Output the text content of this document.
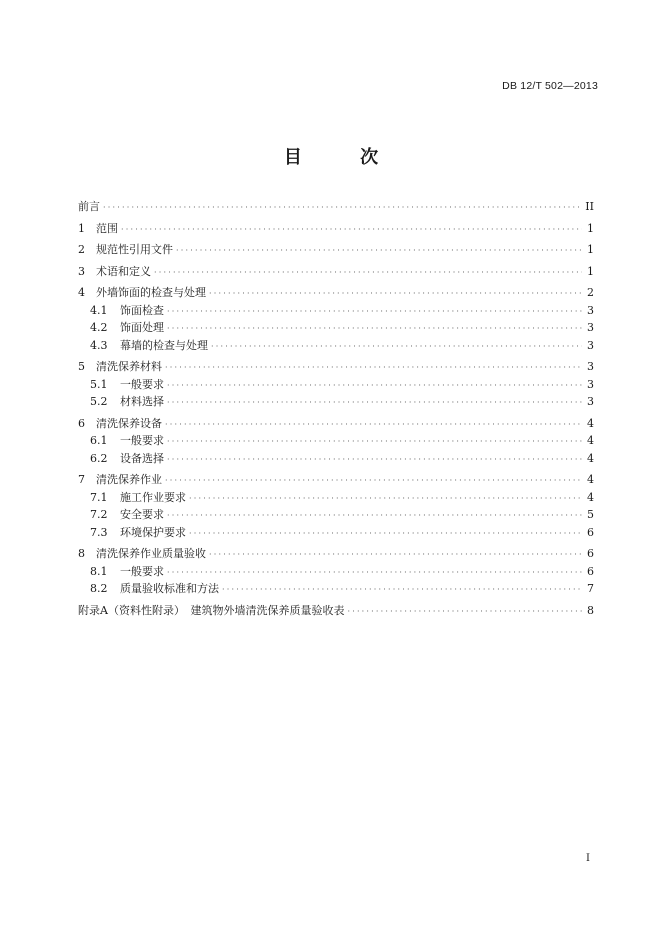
DB 12/T 502—2013
目 次
前言 ·····	II
1	范围 ·····	1
2	规范性引用文件 ·····	1
3	术语和定义 ·····	1
4	外墙饰面的检查与处理 ·····	2
4.1	饰面检查 ·····	3
4.2	饰面处理 ·····	3
4.3	幕墙的检查与处理 ·····	3
5	清洗保养材料 ·····	3
5.1	一般要求 ·····	3
5.2	材料选择 ·····	3
6	清洗保养设备 ·····	4
6.1	一般要求 ·····	4
6.2	设备选择 ·····	4
7	清洗保养作业 ·····	4
7.1	施工作业要求 ·····	4
7.2	安全要求 ·····	5
7.3	环境保护要求 ·····	6
8	清洗保养作业质量验收 ·····	6
8.1	一般要求 ·····	6
8.2	质量验收标准和方法 ·····	7
附录A（资料性附录）　建筑物外墙清洗保养质量验收表 ·····	8
I
